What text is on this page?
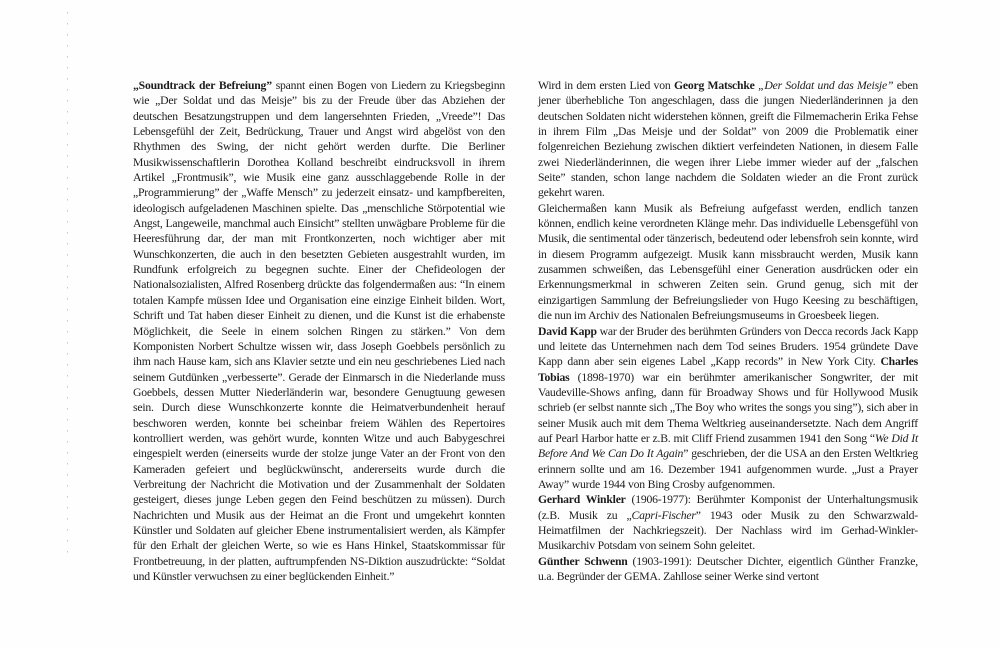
„Soundtrack der Befreiung” spannt einen Bogen von Liedern zu Kriegsbeginn wie „Der Soldat und das Meisje” bis zu der Freude über das Abziehen der deutschen Besatzungstruppen und dem langersehnten Frieden, „Vreede”! Das Lebensgefühl der Zeit, Bedrückung, Trauer und Angst wird abgelöst von den Rhythmen des Swing, der nicht gehört werden durfte. Die Berliner Musikwissenschaftlerin Dorothea Kolland beschreibt eindrucksvoll in ihrem Artikel „Frontmusik”, wie Musik eine ganz ausschlaggebende Rolle in der „Programmierung” der „Waffe Mensch” zu jederzeit einsatz- und kampfbereiten, ideologisch aufgeladenen Maschinen spielte. Das „menschliche Störpotential wie Angst, Langeweile, manchmal auch Einsicht” stellten unwägbare Probleme für die Heeresführung dar, der man mit Frontkonzerten, noch wichtiger aber mit Wunschkonzerten, die auch in den besetzten Gebieten ausgestrahlt wurden, im Rundfunk erfolgreich zu begegnen suchte. Einer der Chefideologen der Nationalsozialisten, Alfred Rosenberg drückte das folgendermaßen aus: “In einem totalen Kampfe müssen Idee und Organisation eine einzige Einheit bilden. Wort, Schrift und Tat haben dieser Einheit zu dienen, und die Kunst ist die erhabenste Möglichkeit, die Seele in einem solchen Ringen zu stärken.” Von dem Komponisten Norbert Schultze wissen wir, dass Joseph Goebbels persönlich zu ihm nach Hause kam, sich ans Klavier setzte und ein neu geschriebenes Lied nach seinem Gutdünken „verbesserte”. Gerade der Einmarsch in die Niederlande muss Goebbels, dessen Mutter Niederländerin war, besondere Genugtuung gewesen sein. Durch diese Wunschkonzerte konnte die Heimatverbundenheit herauf beschworen werden, konnte bei scheinbar freiem Wählen des Repertoires kontrolliert werden, was gehört wurde, konnten Witze und auch Babygeschrei eingespielt werden (einerseits wurde der stolze junge Vater an der Front von den Kameraden gefeiert und beglückwünscht, andererseits wurde durch die Verbreitung der Nachricht die Motivation und der Zusammenhalt der Soldaten gesteigert, dieses junge Leben gegen den Feind beschützen zu müssen). Durch Nachrichten und Musik aus der Heimat an die Front und umgekehrt konnten Künstler und Soldaten auf gleicher Ebene instrumentalisiert werden, als Kämpfer für den Erhalt der gleichen Werte, so wie es Hans Hinkel, Staatskommissar für Frontbetreuung, in der platten, auftrumpfenden NS-Diktion auszudrückte: “Soldat und Künstler verwuchsen zu einer beglückenden Einheit.”

Wird in dem ersten Lied von Georg Matschke „Der Soldat und das Meisje” eben jener überhebliche Ton angeschlagen, dass die jungen Niederländerinnen ja den deutschen Soldaten nicht widerstehen können, greift die Filmemacherin Erika Fehse in ihrem Film „Das Meisje und der Soldat” von 2009 die Problematik einer folgenreichen Beziehung zwischen diktiert verfeindeten Nationen, in diesem Falle zwei Niederländerinnen, die wegen ihrer Liebe immer wieder auf der „falschen Seite” standen, schon lange nachdem die Soldaten wieder an die Front zurück gekehrt waren.

Gleichermaßen kann Musik als Befreiung aufgefasst werden, endlich tanzen können, endlich keine verordneten Klänge mehr. Das individuelle Lebensgefühl von Musik, die sentimental oder tänzerisch, bedeutend oder lebensfroh sein konnte, wird in diesem Programm aufgezeigt. Musik kann missbraucht werden, Musik kann zusammen schweißen, das Lebensgefühl einer Generation ausdrücken oder ein Erkennungsmerkmal in schweren Zeiten sein. Grund genug, sich mit der einzigartigen Sammlung der Befreiungslieder von Hugo Keesing zu beschäftigen, die nun im Archiv des Nationalen Befreiungsmuseums in Groesbeek liegen.

David Kapp war der Bruder des berühmten Gründers von Decca records Jack Kapp und leitete das Unternehmen nach dem Tod seines Bruders. 1954 gründete Dave Kapp dann aber sein eigenes Label „Kapp records” in New York City. Charles Tobias (1898-1970) war ein berühmter amerikanischer Songwriter, der mit Vaudeville-Shows anfing, dann für Broadway Shows und für Hollywood Musik schrieb (er selbst nannte sich „The Boy who writes the songs you sing”), sich aber in seiner Musik auch mit dem Thema Weltkrieg auseinandersetzte. Nach dem Angriff auf Pearl Harbor hatte er z.B. mit Cliff Friend zusammen 1941 den Song “We Did It Before And We Can Do It Again” geschrieben, der die USA an den Ersten Weltkrieg erinnern sollte und am 16. Dezember 1941 aufgenommen wurde. „Just a Prayer Away” wurde 1944 von Bing Crosby aufgenommen.

Gerhard Winkler (1906-1977): Berühmter Komponist der Unterhaltungsmusik (z.B. Musik zu „Capri-Fischer” 1943 oder Musik zu den Schwarzwald-Heimatfilmen der Nachkriegszeit). Der Nachlass wird im Gerhad-Winkler-Musikarchiv Potsdam von seinem Sohn geleitet.

Günther Schwenn (1903-1991): Deutscher Dichter, eigentlich Günther Franzke, u.a. Begründer der GEMA. Zahllose seiner Werke sind vertont
